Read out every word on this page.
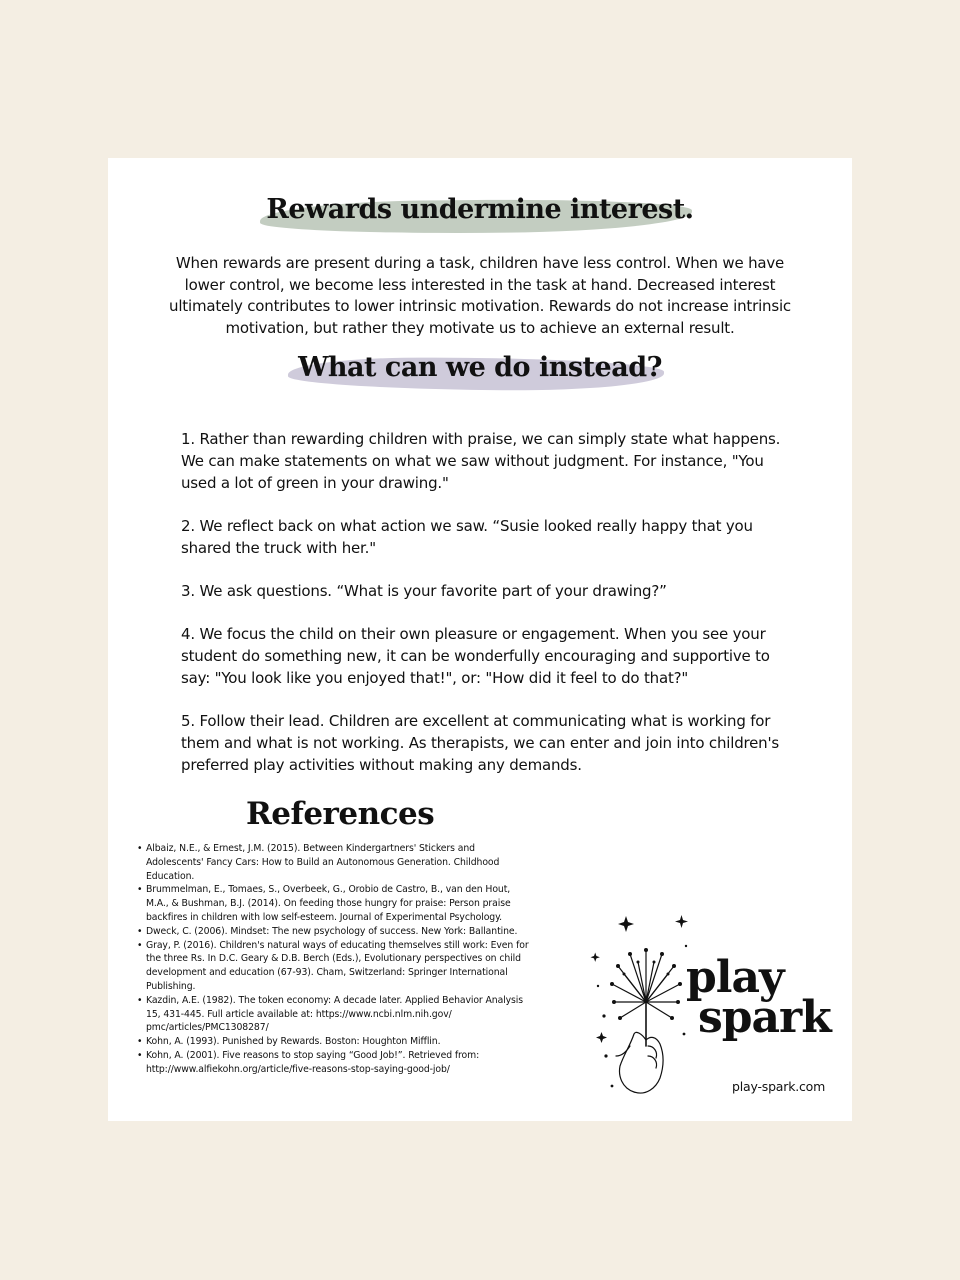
Rewards undermine interest.
When rewards are present during a task, children have less control. When we have lower control, we become less interested in the task at hand. Decreased interest ultimately contributes to lower intrinsic motivation. Rewards do not increase intrinsic motivation, but rather they motivate us to achieve an external result.
What can we do instead?

1. Rather than rewarding children with praise, we can simply state what happens. We can make statements on what we saw without judgment. For instance, "You used a lot of green in your drawing."

2. We reflect back on what action we saw. “Susie looked really happy that you shared the truck with her."

3. We ask questions. “What is your favorite part of your drawing?”

4. We focus the child on their own pleasure or engagement. When you see your student do something new, it can be wonderfully encouraging and supportive to say: "You look like you enjoyed that!", or: "How did it feel to do that?"

5. Follow their lead. Children are excellent at communicating what is working for them and what is not working. As therapists, we can enter and join into children's preferred play activities without making any demands.

References
• Albaiz, N.E., & Ernest, J.M. (2015). Between Kindergartners' Stickers and Adolescents' Fancy Cars: How to Build an Autonomous Generation. Childhood Education.
• Brummelman, E., Tomaes, S., Overbeek, G., Orobio de Castro, B., van den Hout, M.A., & Bushman, B.J. (2014). On feeding those hungry for praise: Person praise backfires in children with low self-esteem. Journal of Experimental Psychology.
• Dweck, C. (2006). Mindset: The new psychology of success. New York: Ballantine.
• Gray, P. (2016). Children's natural ways of educating themselves still work: Even for the three Rs. In D.C. Geary & D.B. Berch (Eds.), Evolutionary perspectives on child development and education (67-93). Cham, Switzerland: Springer International Publishing.
• Kazdin, A.E. (1982). The token economy: A decade later. Applied Behavior Analysis 15, 431-445. Full article available at: https://www.ncbi.nlm.nih.gov/ pmc/articles/PMC1308287/
• Kohn, A. (1993). Punished by Rewards. Boston: Houghton Mifflin.
• Kohn, A. (2001). Five reasons to stop saying “Good Job!”. Retrieved from: http://www.alfiekohn.org/article/five-reasons-stop-saying-good-job/
play
spark
play-spark.com
